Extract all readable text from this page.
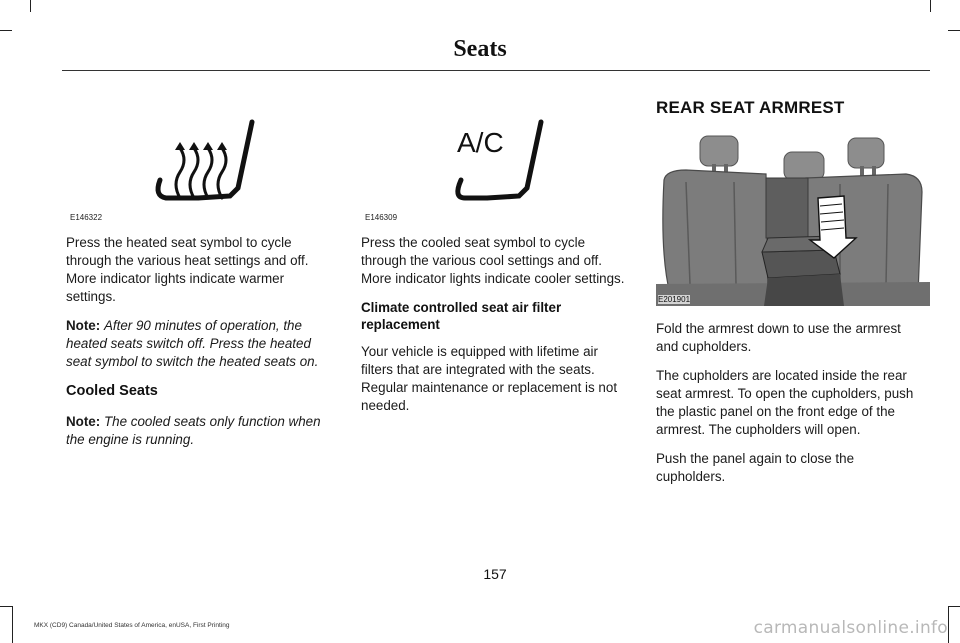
Seats
E146322

Press the heated seat symbol to cycle through the various heat settings and off. More indicator lights indicate warmer settings.

Note: After 90 minutes of operation, the heated seats switch off. Press the heated seat symbol to switch the heated seats on.

Cooled Seats

Note: The cooled seats only function when the engine is running.

A/C
E146309

Press the cooled seat symbol to cycle through the various cool settings and off. More indicator lights indicate cooler settings.

Climate controlled seat air filter replacement

Your vehicle is equipped with lifetime air filters that are integrated with the seats. Regular maintenance or replacement is not needed.

REAR SEAT ARMREST
E201901

Fold the armrest down to use the armrest and cupholders.

The cupholders are located inside the rear seat armrest. To open the cupholders, push the plastic panel on the front edge of the armrest. The cupholders will open.

Push the panel again to close the cupholders.

157
MKX (CD9) Canada/United States of America, enUSA, First Printing	carmanualsonline.info
